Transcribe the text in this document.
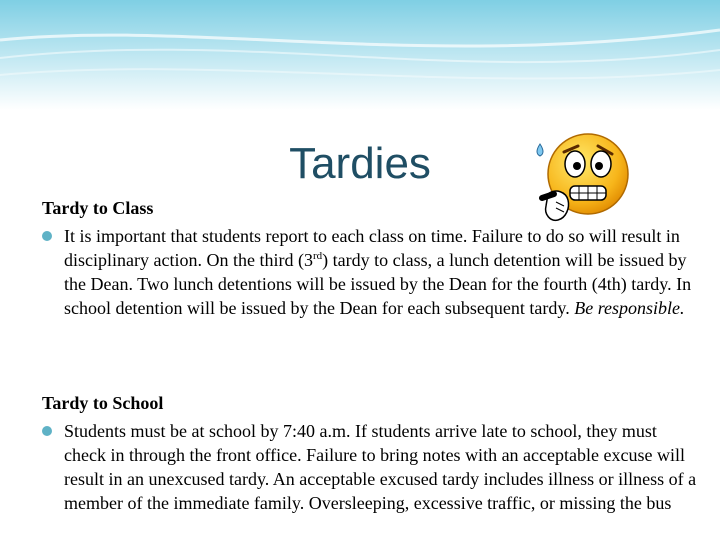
Tardies

Tardy to Class

It is important that students report to each class on time. Failure to do so will result in disciplinary action. On the third (3rd) tardy to class, a lunch detention will be issued by the Dean. Two lunch detentions will be issued by the Dean for the fourth (4th) tardy. In school detention will be issued by the Dean for each subsequent tardy. Be responsible.

Tardy to School

Students must be at school by 7:40 a.m. If students arrive late to school, they must check in through the front office. Failure to bring notes with an acceptable excuse will result in an unexcused tardy. An acceptable excused tardy includes illness or illness of a member of the immediate family. Oversleeping, excessive traffic, or missing the bus
